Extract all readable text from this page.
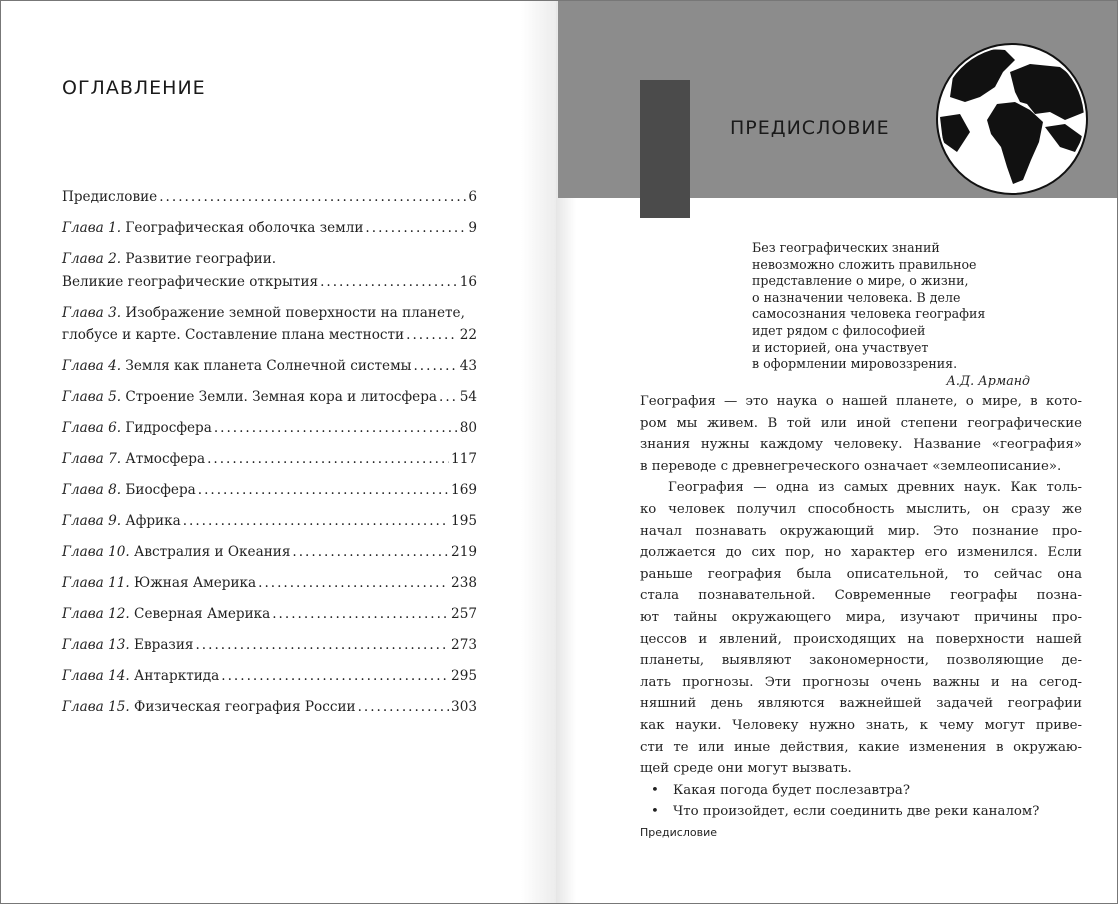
ПРЕДИСЛОВИЕ
ОГЛАВЛЕНИЕ
Предисловие .....	6
Глава 1. Географическая оболочка земли .....	9
Глава 2. Развитие географии.
Великие географические открытия .....	16
Глава 3. Изображение земной поверхности на планете,
глобусе и карте. Составление плана местности .....	22
Глава 4. Земля как планета Солнечной системы .....	43
Глава 5. Строение Земли. Земная кора и литосфера ..... 54
Глава 6. Гидросфера .....	80
Глава 7. Атмосфера .....	117
Глава 8. Биосфера .....	169
Глава 9. Африка .....	195
Глава 10. Австралия и Океания .....	219
Глава 11. Южная Америка .....	238
Глава 12. Северная Америка .....	257
Глава 13. Евразия .....	273
Глава 14. Антарктида .....	295
Глава 15. Физическая география России .....	303
Без географических знаний
невозможно сложить правильное
представление о мире, о жизни,
о назначении человека. В деле
самосознания человека география
идет рядом с философией
и историей, она участвует
в оформлении мировоззрения.
А.Д. Арманд
География — это наука о нашей планете, о мире, в кото-
ром мы живем. В той или иной степени географические
знания нужны каждому человеку. Название «география»
в переводе с древнегреческого означает «землеописание».
География — одна из самых древних наук. Как толь-
ко человек получил способность мыслить, он сразу же
начал познавать окружающий мир. Это познание про-
должается до сих пор, но характер его изменился. Если
раньше география была описательной, то сейчас она
стала познавательной. Современные географы позна-
ют тайны окружающего мира, изучают причины про-
цессов и явлений, происходящих на поверхности нашей
планеты, выявляют закономерности, позволяющие де-
лать прогнозы. Эти прогнозы очень важны и на сегод-
няшний день являются важнейшей задачей географии
как науки. Человеку нужно знать, к чему могут приве-
сти те или иные действия, какие изменения в окружаю-
щей среде они могут вызвать.
•	Какая погода будет послезавтра?
•	Что произойдет, если соединить две реки каналом?
Предисловие
